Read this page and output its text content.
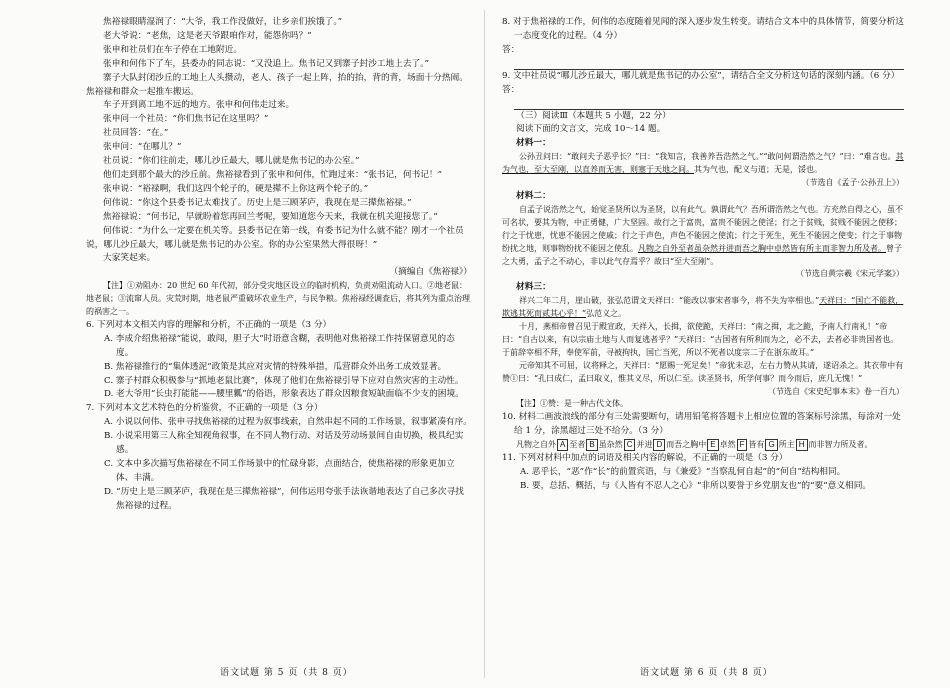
焦裕禄眼睛湿润了：“大爷，我工作没做好，让乡亲们挨饿了。”

老大爷说：“老焦，这是老天爷跟咱作对，能怨你吗？”

张申和社员们在车子停在工地附近。

张申和何伟下了车，县委办的同志说：“又没追上。焦书记又到寨子封沙工地上去了。”

寨子大队封闭沙丘的工地上人头攒动，老人、孩子一起上阵，抬的抬，背的背，场面十分热闹。焦裕禄和群众一起推车搬运。

车子开到离工地不远的地方。张申和何伟走过来。

张申问一个社员：“你们焦书记在这里吗？”

社员回答：“在。”

张申问：“在哪儿？”

社员说：“你们往前走，哪儿沙丘最大，哪儿就是焦书记的办公室。”

他们走到那个最大的沙丘前。焦裕禄看到了张申和何伟，忙跑过来：“张书记，何书记！”

张申说：“裕禄啊，我们这四个轮子的，硬是撵不上你这两个轮子的。”

何伟说：“你这个县委书记太难找了。历史上是三顾茅庐，我现在是三撵焦裕禄。”

焦裕禄说：“何书记，早就盼着您再回兰考呢，要知道您今天来，我就在机关迎接您了。”

何伟说：“为什么一定要在机关等。县委书记在第一线，有委书记为什么就不能？刚才一个社员说，哪儿沙丘最大，哪儿就是焦书记的办公室。你的办公室果然大得很呀！”

大家笑起来。

（摘编自《焦裕禄》）

【注】①劝阻办：20 世纪 60 年代初，部分受灾地区设立的临时机构，负责劝阻流动人口。②地老鼠：地老鼠；③流窜人员。灾荒时期，地老鼠严重破坏农业生产，与民争粮。焦裕禄经调查后，将其列为重点治理的祸害之一。

6. 下列对本文相关内容的理解和分析，不正确的一项是（3 分）

A. 李成介绍焦裕禄“能说，敢闯，胆子大”时语意含糊，表明他对焦裕禄工作持保留意见的态度。

B. 焦裕禄推行的“集体透泥”政策是其应对灾情的特殊举措，瓜营群众外出务工成效显著。

C. 寨子村群众积极参与“抓地老鼠比赛”，体现了他们在焦裕禄引导下应对自然灾害的主动性。

D. 老大爷用“长虫打能能——腰里瓤”的俗语，形象表达了群众因粮食短缺面临不少支的困境。

7. 下列对本文艺术特色的分析鉴赏，不正确的一项是（3 分）

A. 小说以何伟、张申寻找焦裕禄的过程为叙事线索，自然串起不同的工作场景，叙事紧凑有序。

B. 小说采用第三人称全知视角叙事，在不同人物行动、对话及劳动场景间自由切换，极具纪实感。

C. 文本中多次描写焦裕禄在不同工作场景中的忙碌身影，点面结合，使焦裕禄的形象更加立体、丰满。

D. “历史上是三顾茅庐，我现在是三撵焦裕禄”，何伟运用夸张手法诙谐地表达了自己多次寻找焦裕禄的过程。

8. 对于焦裕禄的工作，何伟的态度随着见闻的深入逐步发生转变。请结合文本中的具体情节，简要分析这一态度变化的过程。（4 分）

答：

9. 文中社员说“哪儿沙丘最大，哪儿就是焦书记的办公室”，请结合全文分析这句话的深刻内涵。（6 分）

答：

（三）阅读Ⅲ（本题共 5 小题，22 分）

阅读下面的文言文，完成 10～14 题。

材料一：

公孙丑问曰：“敢问夫子恶乎长？”曰：“我知言，我善养吾浩然之气。”“敢问何谓浩然之气？”曰：“难言也。其为气也，至大至刚，以直养而无害，则塞于天地之间。其为气也，配义与道；无是，馁也。

（节选自《孟子·公孙丑上》）

材料二：

自孟子说浩然之气，始觉圣贤所以为圣贤，以有此气。孰谓此气？吾所谓浩然之气也。方充然自得之心，虽不可名状，要其为物，中正勇健，广大坚固。故行之于富贵，富贵不能因之使淫；行之于贫贱，贫贱不能因之使移；行之于忧患，忧患不能因之使戚；行之于声色，声色不能因之使流；行之于死生，死生不能因之使变；行之于事物纷扰之地，则事物纷扰不能因之使乱。凡物之自外至者虽杂然并进而吾之胸中卓然皆有所主而非智力所及者。曾子之大勇，孟子之不动心，非以此气存焉乎？故曰“至大至刚”。

（节选自黄宗羲《宋元学案》）

材料三：

祥兴二年二月，崖山破，张弘范谓文天祥曰：“能改以事宋者事今，将不失为宰相也。”天祥曰：“国亡不能救，欺逃其死而贰其心乎！”弘范义之。

十月，燕相帝曾召见于殿宣政，天祥入，长揖，欲使跪，天祥曰：“南之揖，北之跪，予南人行南礼！”帝曰：“自古以来，有以宗庙土地与人而复逃者乎？”天祥曰：“古国者有所利而为之，必不去，去者必非贵国者也。于前辞宰相不拜，奉使军前，寻被拘执，国亡当死，所以不死者以度宗二子在浙东故耳。”

元帝知其不可屈，议将释之，天祥曰：“愿赐一死足矣！”帝犹未忍，左右力赞从其请，遂诏杀之。其衣带中有赞①曰：“孔曰成仁，孟曰取义，惟其义尽，所以仁至。读圣贤书，所学何事？而今而后，庶几无愧！”

（节选自《宋史纪事本末》卷一百九）

【注】①赞：是一种古代文体。

10. 材料二画波浪线的部分有三处需要断句，请用铅笔将答题卡上相应位置的答案标号涂黑，每涂对一处给 1 分，涂黑超过三处不给分。（3 分）

凡物之自外 A 至者 B 虽杂然 C 并进 D 而吾之胸中 E 卓然 F 皆有 G 所主 H 而非智力所及者。

11. 下列对材料中加点的词语及相关内容的解说，不正确的一项是（3 分）

A. 恶乎长，“恶”作“长”的前置宾语，与《兼爱》“当察乱何自起”的“何自”结构相同。

B. 要，总括、概括，与《人皆有不忍人之心》“非所以要誉于乡党朋友也”的“要”意义相同。

语文试题 第 5 页（共 8 页）	语文试题 第 6 页（共 8 页）
